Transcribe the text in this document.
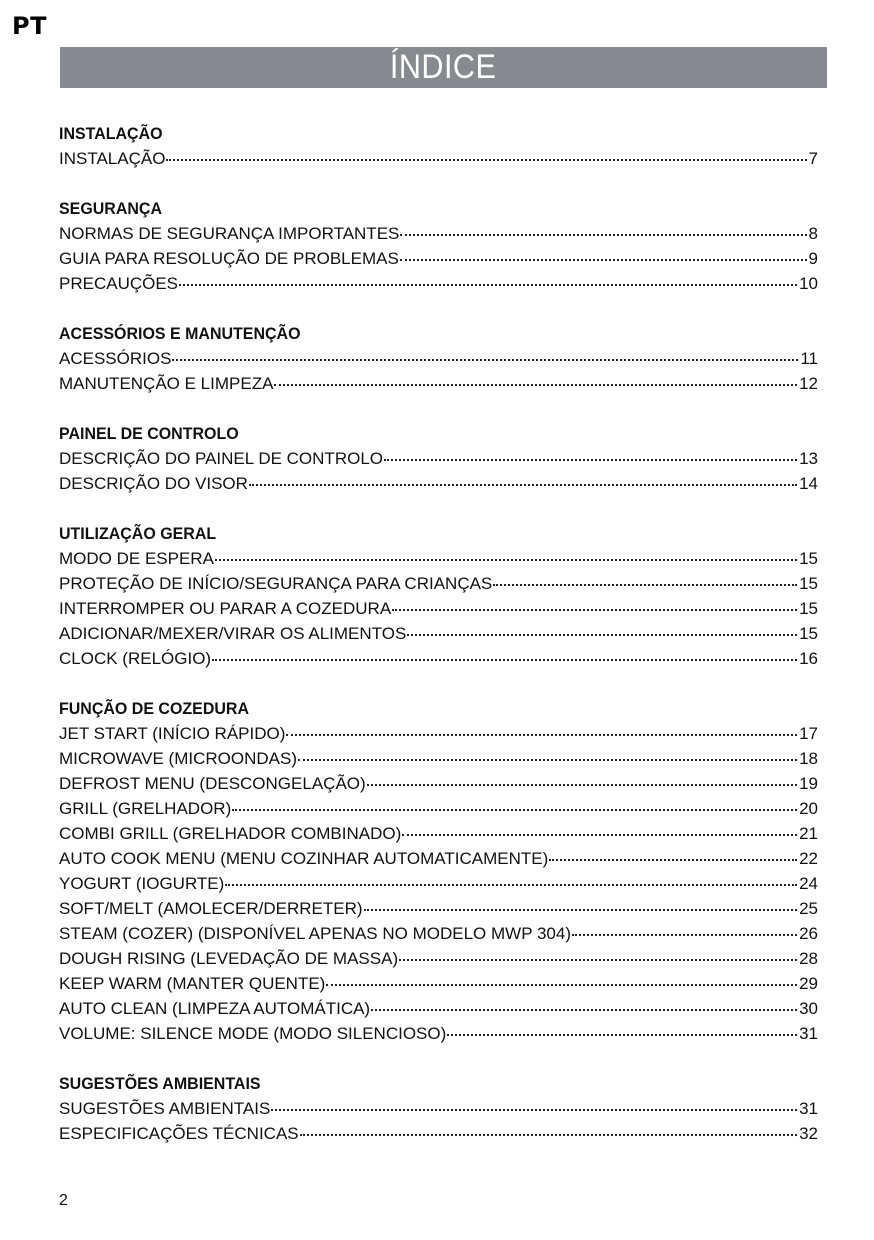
PT
ÍNDICE
INSTALAÇÃO
INSTALAÇÃO	7
SEGURANÇA
NORMAS DE SEGURANÇA IMPORTANTES	8
GUIA PARA RESOLUÇÃO DE PROBLEMAS	9
PRECAUÇÕES	10
ACESSÓRIOS E MANUTENÇÃO
ACESSÓRIOS	11
MANUTENÇÃO E LIMPEZA	12
PAINEL DE CONTROLO
DESCRIÇÃO DO PAINEL DE CONTROLO	13
DESCRIÇÃO DO VISOR	14
UTILIZAÇÃO GERAL
MODO DE ESPERA	15
PROTEÇÃO DE INÍCIO/SEGURANÇA PARA CRIANÇAS	15
INTERROMPER OU PARAR A COZEDURA	15
ADICIONAR/MEXER/VIRAR OS ALIMENTOS	15
CLOCK (RELÓGIO)	16
FUNÇÃO DE COZEDURA
JET START (INÍCIO RÁPIDO)	17
MICROWAVE (MICROONDAS)	18
DEFROST MENU (DESCONGELAÇÃO)	19
GRILL (GRELHADOR)	20
COMBI GRILL (GRELHADOR COMBINADO)	21
AUTO COOK MENU (MENU COZINHAR AUTOMATICAMENTE)	22
YOGURT (IOGURTE)	24
SOFT/MELT (AMOLECER/DERRETER)	25
STEAM (COZER) (DISPONÍVEL APENAS NO MODELO MWP 304)	26
DOUGH RISING (LEVEDAÇÃO DE MASSA)	28
KEEP WARM (MANTER QUENTE)	29
AUTO CLEAN (LIMPEZA AUTOMÁTICA)	30
VOLUME: SILENCE MODE (MODO SILENCIOSO)	31
SUGESTÕES AMBIENTAIS
SUGESTÕES AMBIENTAIS	31
ESPECIFICAÇÕES TÉCNICAS	32
2
